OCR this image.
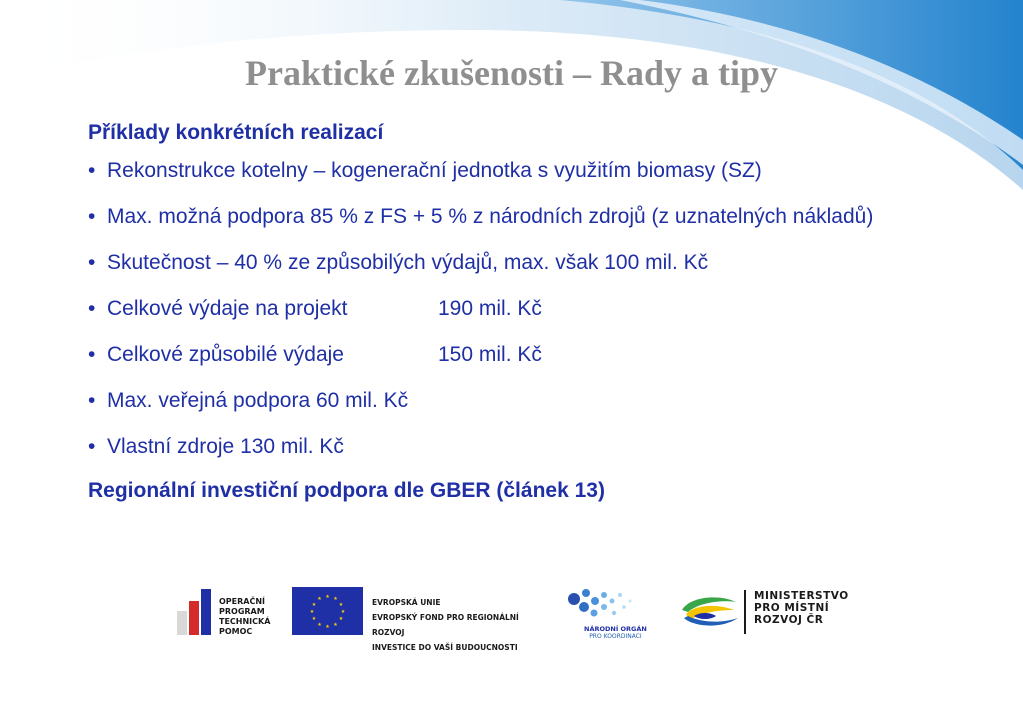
Praktické zkušenosti – Rady a tipy

Příklady konkrétních realizací

• Rekonstrukce kotelny – kogenerační jednotka s využitím biomasy (SZ)
• Max. možná podpora 85 % z FS + 5 % z národních zdrojů (z uznatelných nákladů)
• Skutečnost – 40 % ze způsobilých výdajů, max. však 100 mil. Kč
• Celkové výdaje na projekt	190 mil. Kč
• Celkové způsobilé výdaje	150 mil. Kč
• Max. veřejná podpora 60 mil. Kč
• Vlastní zdroje 130 mil. Kč

Regionální investiční podpora dle GBER (článek 13)

OPERAČNÍ
PROGRAM
TECHNICKÁ
POMOC
★ ★
★
★
★
★
★
★
★
★
★
★	EVROPSKÁ UNIE
EVROPSKÝ FOND PRO REGIONÁLNÍ ROZVOJ
INVESTICE DO VAŠÍ BUDOUCNOSTI
NÁRODNÍ ORGÁN
PRO KOORDINACI
MINISTERSTVO
PRO MÍSTNÍ
ROZVOJ ČR
